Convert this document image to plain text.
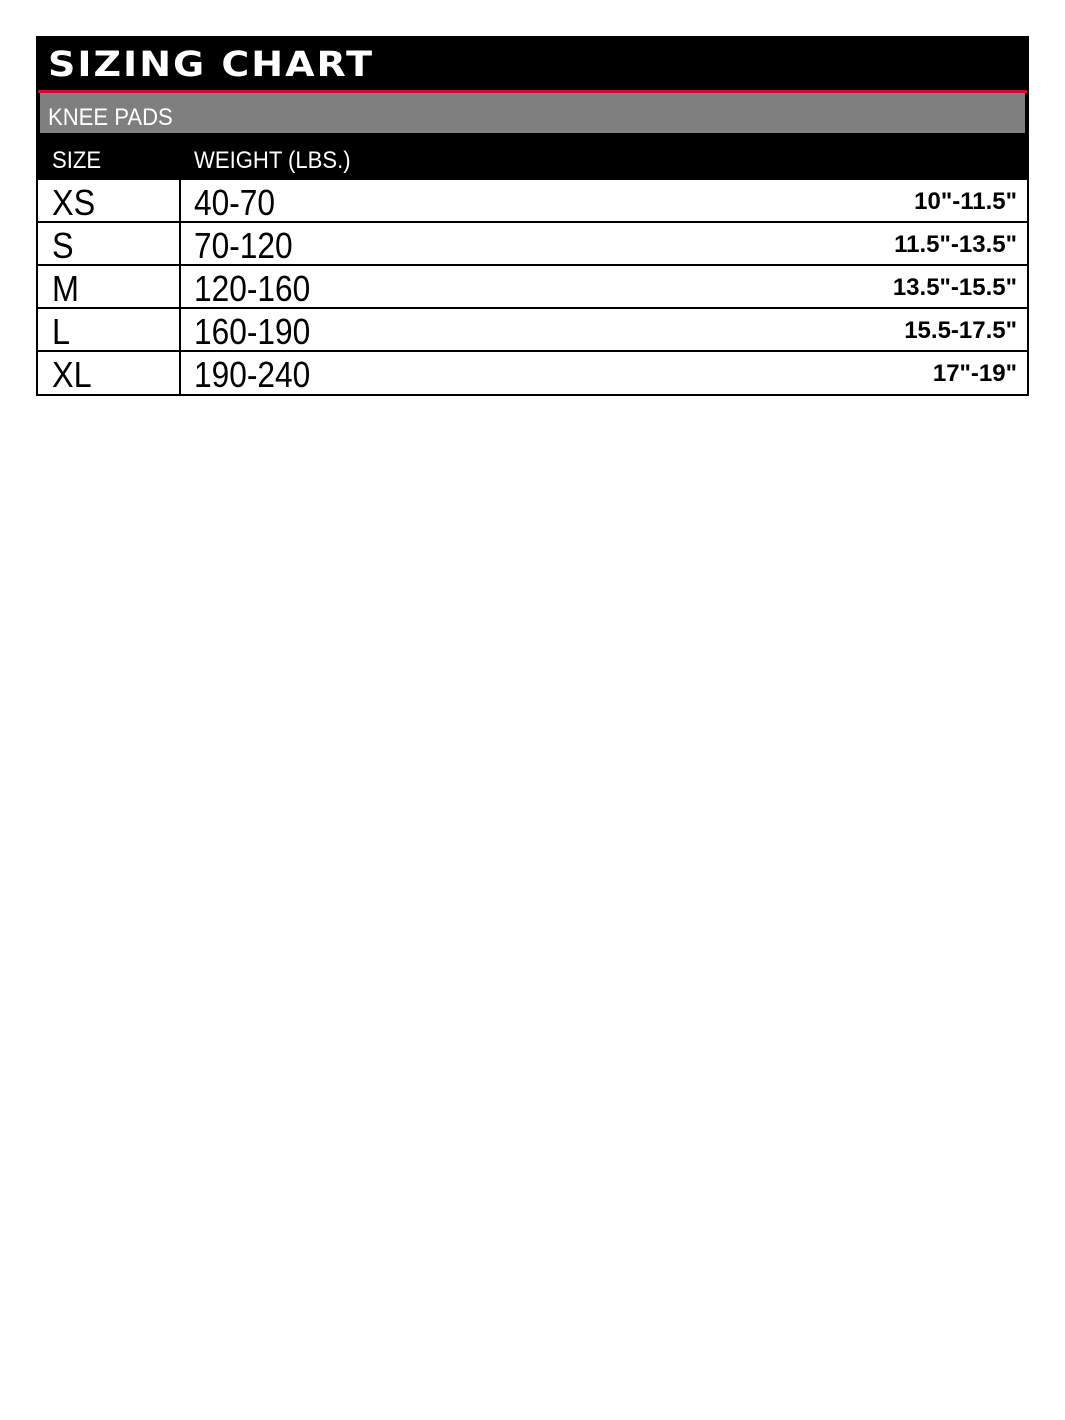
SIZING CHART
KNEE PADS
SIZE	WEIGHT (LBS.)
XS	40-70	10"-11.5"
S	70-120	11.5"-13.5"
M	120-160	13.5"-15.5"
L	160-190	15.5-17.5"
XL	190-240	17"-19"
